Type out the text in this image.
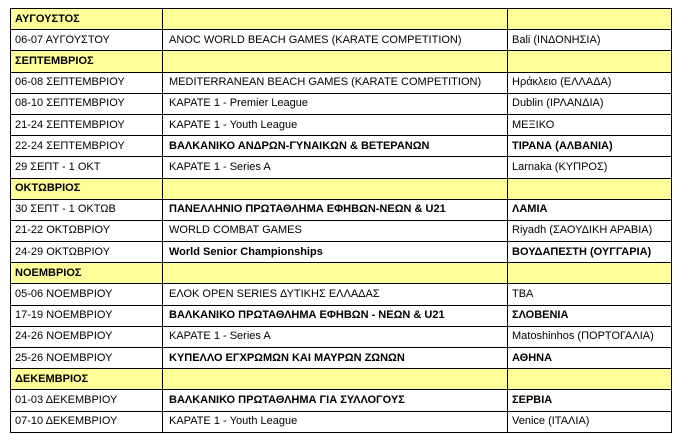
ΑΥΓΟΥΣΤΟΣ		
06-07 ΑΥΓΟΥΣΤΟΥ	ANOC WORLD BEACH GAMES (KARATE COMPETITION)	Bali (ΙΝΔΟΝΗΣΙΑ)
ΣΕΠΤΕΜΒΡΙΟΣ		
06-08 ΣΕΠΤΕΜΒΡΙΟΥ	MEDITERRANEAN BEACH GAMES (KARATE COMPETITION)	Ηράκλειο (ΕΛΛΑΔΑ)
08-10 ΣΕΠΤΕΜΒΡΙΟΥ	ΚΑΡΑΤΕ 1 - Premier League	Dublin (ΙΡΛΑΝΔΙΑ)
21-24 ΣΕΠΤΕΜΒΡΙΟΥ	ΚΑΡΑΤΕ 1 - Youth League	ΜΕΞΙΚΟ
22-24 ΣΕΠΤΕΜΒΡΙΟΥ	ΒΑΛΚΑΝΙΚΟ ΑΝΔΡΩΝ-ΓΥΝΑΙΚΩΝ & ΒΕΤΕΡΑΝΩΝ	ΤΙΡΑΝΑ (ΑΛΒΑΝΙΑ)
29 ΣΕΠΤ - 1 ΟΚΤ	ΚΑΡΑΤΕ 1 - Series A	Larnaka (ΚΥΠΡΟΣ)
ΟΚΤΩΒΡΙΟΣ		
30 ΣΕΠΤ - 1 ΟΚΤΩΒ	ΠΑΝΕΛΛΗΝΙΟ ΠΡΩΤΑΘΛΗΜΑ ΕΦΗΒΩΝ-ΝΕΩΝ & U21	ΛΑΜΙΑ
21-22 ΟΚΤΩΒΡΙΟΥ	WORLD COMBAT GAMES	Riyadh (ΣΑΟΥΔΙΚΗ ΑΡΑΒΙΑ)
24-29 ΟΚΤΩΒΡΙΟΥ	World Senior Championships	ΒΟΥΔΑΠΕΣΤΗ (ΟΥΓΓΑΡΙΑ)
ΝΟΕΜΒΡΙΟΣ		
05-06 ΝΟΕΜΒΡΙΟΥ	ΕΛΟΚ OPEN SERIES ΔΥΤΙΚΗΣ ΕΛΛΑΔΑΣ	TBA
17-19 ΝΟΕΜΒΡΙΟΥ	ΒΑΛΚΑΝΙΚΟ ΠΡΩΤΑΘΛΗΜΑ ΕΦΗΒΩΝ - ΝΕΩΝ & U21	ΣΛΟΒΕΝΙΑ
24-26 ΝΟΕΜΒΡΙΟΥ	ΚΑΡΑΤΕ 1 - Series A	Matoshinhos (ΠΟΡΤΟΓΑΛΙΑ)
25-26 ΝΟΕΜΒΡΙΟΥ	ΚΥΠΕΛΛΟ ΕΓΧΡΩΜΩΝ ΚΑΙ ΜΑΥΡΩΝ ΖΩΝΩΝ	ΑΘΗΝΑ
ΔΕΚΕΜΒΡΙΟΣ		
01-03 ΔΕΚΕΜΒΡΙΟΥ	ΒΑΛΚΑΝΙΚΟ ΠΡΩΤΑΘΛΗΜΑ ΓΙΑ ΣΥΛΛΟΓΟΥΣ	ΣΕΡΒΙΑ
07-10 ΔΕΚΕΜΒΡΙΟΥ	ΚΑΡΑΤΕ 1 - Youth League	Venice (ΙΤΑΛΙΑ)
